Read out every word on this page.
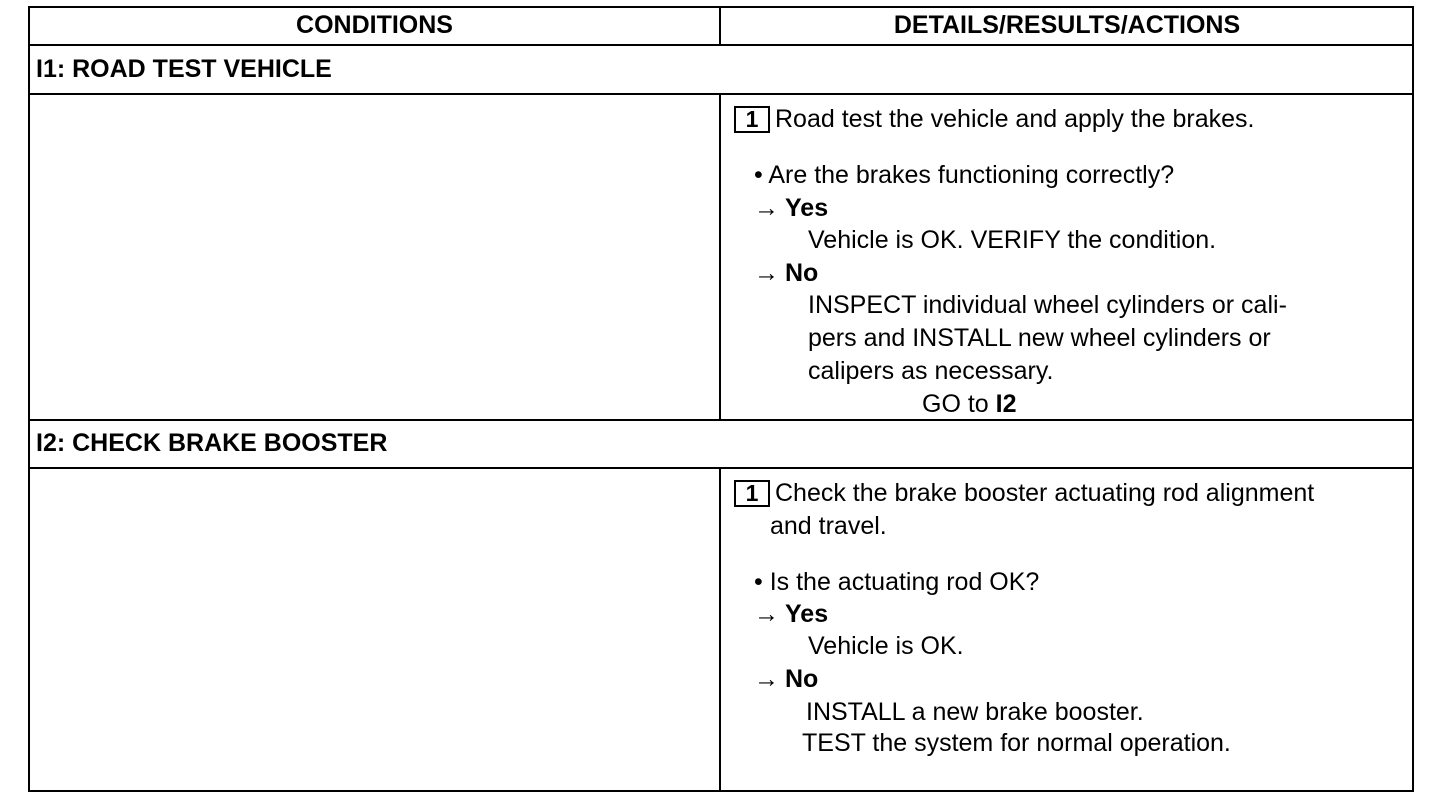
CONDITIONS	DETAILS/RESULTS/ACTIONS
I1: ROAD TEST VEHICLE
1 Road test the vehicle and apply the brakes.
• Are the brakes functioning correctly?
→ Yes
Vehicle is OK. VERIFY the condition.
→ No
INSPECT individual wheel cylinders or cali-
pers and INSTALL new wheel cylinders or
calipers as necessary.
GO to I2
I2: CHECK BRAKE BOOSTER
1 Check the brake booster actuating rod alignment
and travel.
• Is the actuating rod OK?
→ Yes
Vehicle is OK.
→ No
INSTALL a new brake booster.
TEST the system for normal operation.
